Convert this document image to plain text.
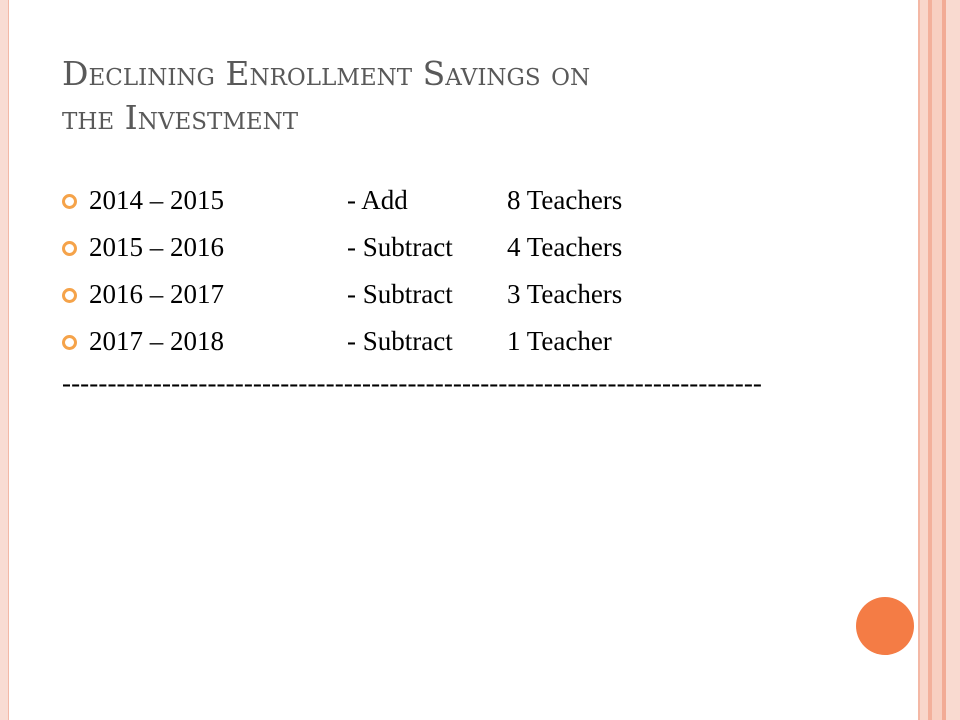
Declining Enrollment Savings on
the Investment
2014 – 2015	- Add	8 Teachers
2015 – 2016	- Subtract	4 Teachers
2016 – 2017	- Subtract	3 Teachers
2017 – 2018	- Subtract	1 Teacher
-----------------------------------------------------------------------------
